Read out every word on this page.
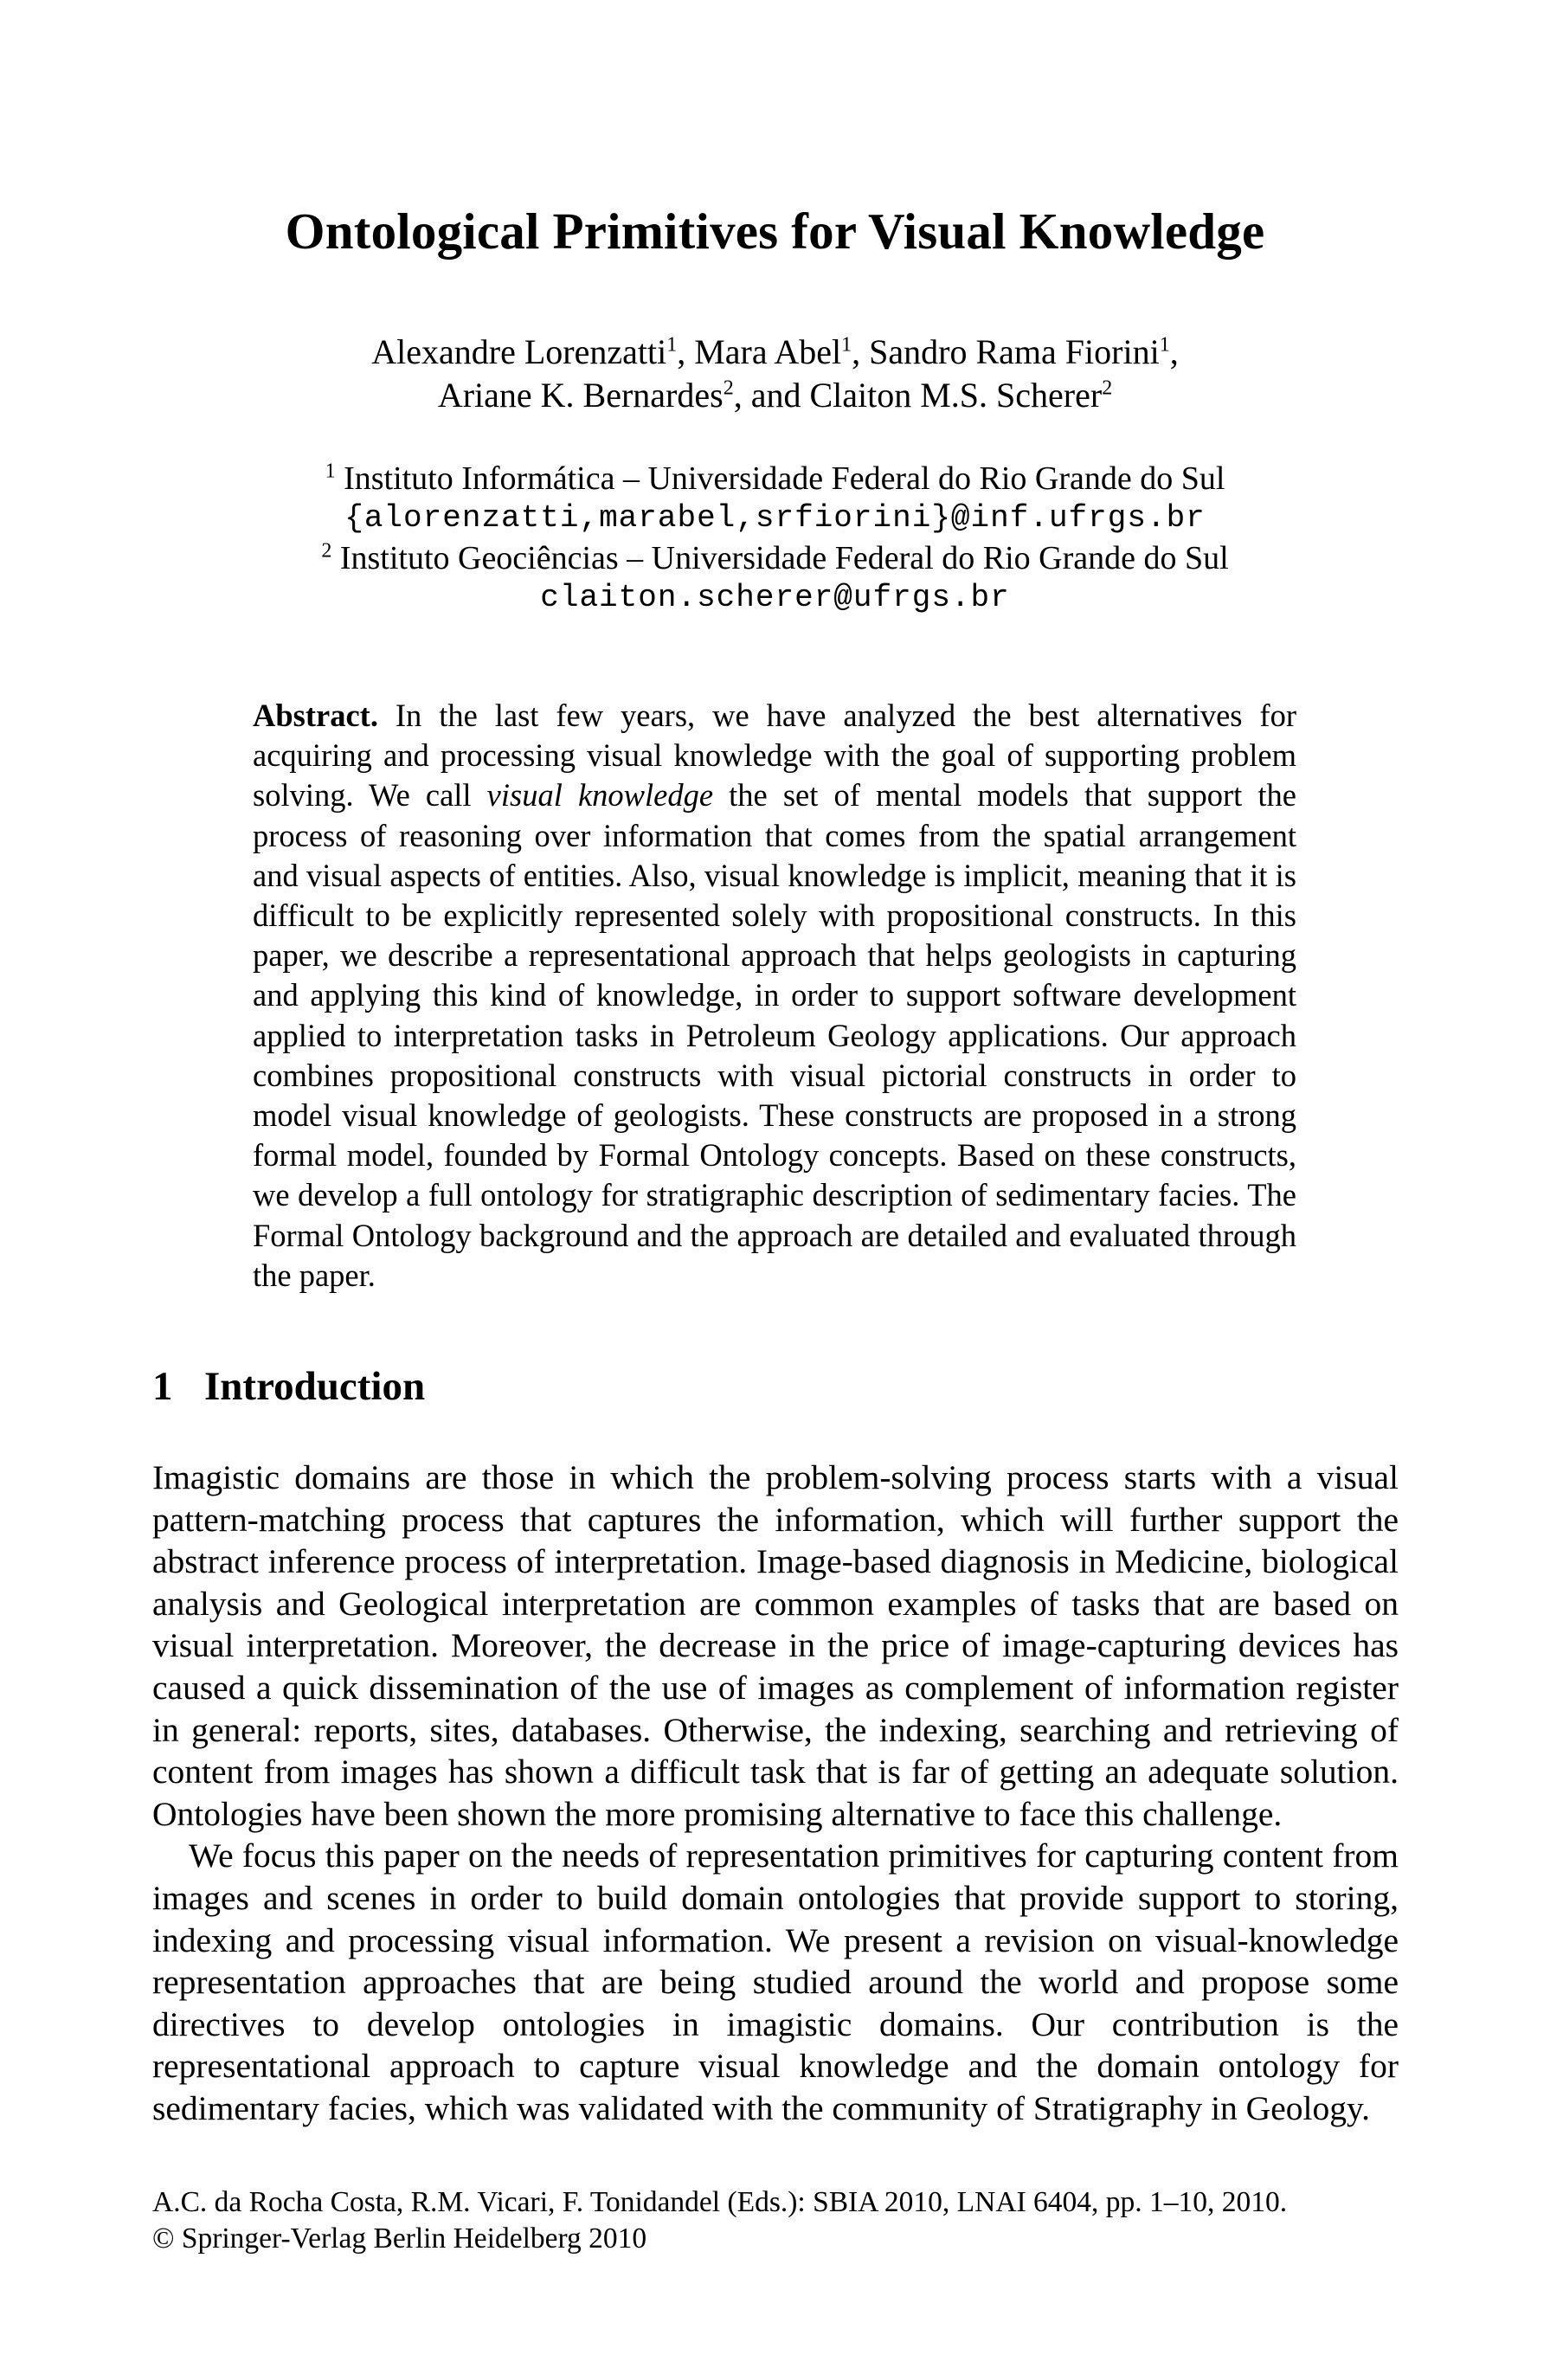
Ontological Primitives for Visual Knowledge
Alexandre Lorenzatti$^1$, Mara Abel$^1$, Sandro Rama Fiorini$^1$,
Ariane K. Bernardes$^2$, and Claiton M.S. Scherer$^2$
$^1$ Instituto Informática – Universidade Federal do Rio Grande do Sul
{alorenzatti,marabel,srfiorini}@inf.ufrgs.br
$^2$ Instituto Geociências – Universidade Federal do Rio Grande do Sul
claiton.scherer@ufrgs.br
Abstract. In the last few years, we have analyzed the best alternatives for acquiring and processing visual knowledge with the goal of supporting problem solving. We call visual knowledge the set of mental models that support the process of reasoning over information that comes from the spatial arrangement and visual aspects of entities. Also, visual knowledge is implicit, meaning that it is difficult to be explicitly represented solely with propositional constructs. In this paper, we describe a representational approach that helps geologists in capturing and applying this kind of knowledge, in order to support software development applied to interpretation tasks in Petroleum Geology applications. Our approach combines propositional constructs with visual pictorial constructs in order to model visual knowledge of geologists. These constructs are proposed in a strong formal model, founded by Formal Ontology concepts. Based on these constructs, we develop a full ontology for stratigraphic description of sedimentary facies. The Formal Ontology background and the approach are detailed and evaluated through the paper.
1 Introduction

Imagistic domains are those in which the problem-solving process starts with a visual pattern-matching process that captures the information, which will further support the abstract inference process of interpretation. Image-based diagnosis in Medicine, biological analysis and Geological interpretation are common examples of tasks that are based on visual interpretation. Moreover, the decrease in the price of image-capturing devices has caused a quick dissemination of the use of images as complement of information register in general: reports, sites, databases. Otherwise, the indexing, searching and retrieving of content from images has shown a difficult task that is far of getting an adequate solution. Ontologies have been shown the more promising alternative to face this challenge.

We focus this paper on the needs of representation primitives for capturing content from images and scenes in order to build domain ontologies that provide support to storing, indexing and processing visual information. We present a revision on visual-knowledge representation approaches that are being studied around the world and propose some directives to develop ontologies in imagistic domains. Our contribution is the representational approach to capture visual knowledge and the domain ontology for sedimentary facies, which was validated with the community of Stratigraphy in Geology.

A.C. da Rocha Costa, R.M. Vicari, F. Tonidandel (Eds.): SBIA 2010, LNAI 6404, pp. 1–10, 2010.
© Springer-Verlag Berlin Heidelberg 2010
